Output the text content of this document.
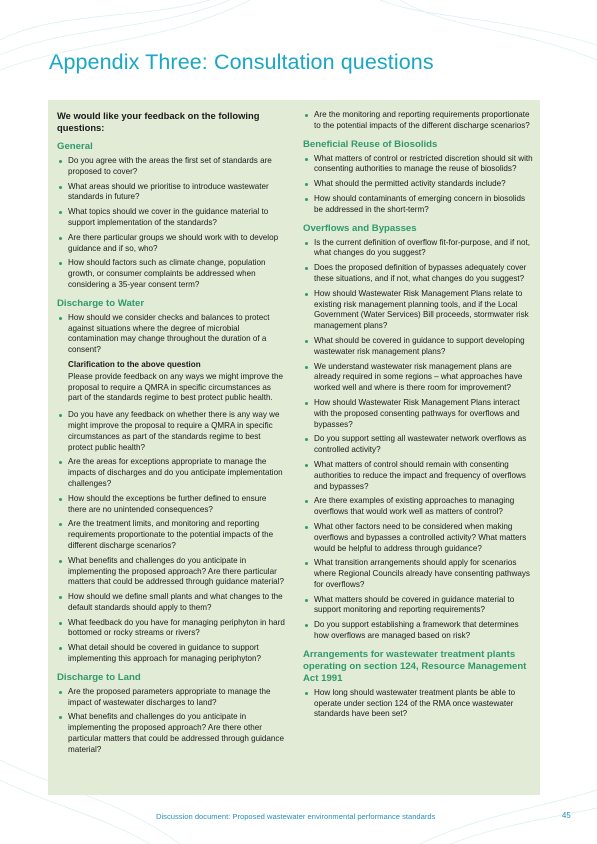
Appendix Three: Consultation questions

We would like your feedback on the following questions:

General
Do you agree with the areas the first set of standards are proposed to cover?
What areas should we prioritise to introduce wastewater standards in future?
What topics should we cover in the guidance material to support implementation of the standards?
Are there particular groups we should work with to develop guidance and if so, who?
How should factors such as climate change, population growth, or consumer complaints be addressed when considering a 35-year consent term?
Discharge to Water
How should we consider checks and balances to protect against situations where the degree of microbial contamination may change throughout the duration of a consent?
Clarification to the above question
Please provide feedback on any ways we might improve the proposal to require a QMRA in specific circumstances as part of the standards regime to best protect public health.
Do you have any feedback on whether there is any way we might improve the proposal to require a QMRA in specific circumstances as part of the standards regime to best protect public health?
Are the areas for exceptions appropriate to manage the impacts of discharges and do you anticipate implementation challenges?
How should the exceptions be further defined to ensure there are no unintended consequences?
Are the treatment limits, and monitoring and reporting requirements proportionate to the potential impacts of the different discharge scenarios?
What benefits and challenges do you anticipate in implementing the proposed approach? Are there particular matters that could be addressed through guidance material?
How should we define small plants and what changes to the default standards should apply to them?
What feedback do you have for managing periphyton in hard bottomed or rocky streams or rivers?
What detail should be covered in guidance to support implementing this approach for managing periphyton?
Discharge to Land
Are the proposed parameters appropriate to manage the impact of wastewater discharges to land?
What benefits and challenges do you anticipate in implementing the proposed approach? Are there other particular matters that could be addressed through guidance material?
Are the monitoring and reporting requirements proportionate to the potential impacts of the different discharge scenarios?
Beneficial Reuse of Biosolids
What matters of control or restricted discretion should sit with consenting authorities to manage the reuse of biosolids?
What should the permitted activity standards include?
How should contaminants of emerging concern in biosolids be addressed in the short-term?
Overflows and Bypasses
Is the current definition of overflow fit-for-purpose, and if not, what changes do you suggest?
Does the proposed definition of bypasses adequately cover these situations, and if not, what changes do you suggest?
How should Wastewater Risk Management Plans relate to existing risk management planning tools, and if the Local Government (Water Services) Bill proceeds, stormwater risk management plans?
What should be covered in guidance to support developing wastewater risk management plans?
We understand wastewater risk management plans are already required in some regions – what approaches have worked well and where is there room for improvement?
How should Wastewater Risk Management Plans interact with the proposed consenting pathways for overflows and bypasses?
Do you support setting all wastewater network overflows as controlled activity?
What matters of control should remain with consenting authorities to reduce the impact and frequency of overflows and bypasses?
Are there examples of existing approaches to managing overflows that would work well as matters of control?
What other factors need to be considered when making overflows and bypasses a controlled activity? What matters would be helpful to address through guidance?
What transition arrangements should apply for scenarios where Regional Councils already have consenting pathways for overflows?
What matters should be covered in guidance material to support monitoring and reporting requirements?
Do you support establishing a framework that determines how overflows are managed based on risk?
Arrangements for wastewater treatment plants operating on section 124, Resource Management Act 1991
How long should wastewater treatment plants be able to operate under section 124 of the RMA once wastewater standards have been set?
Discussion document: Proposed wastewater environmental performance standards	45
